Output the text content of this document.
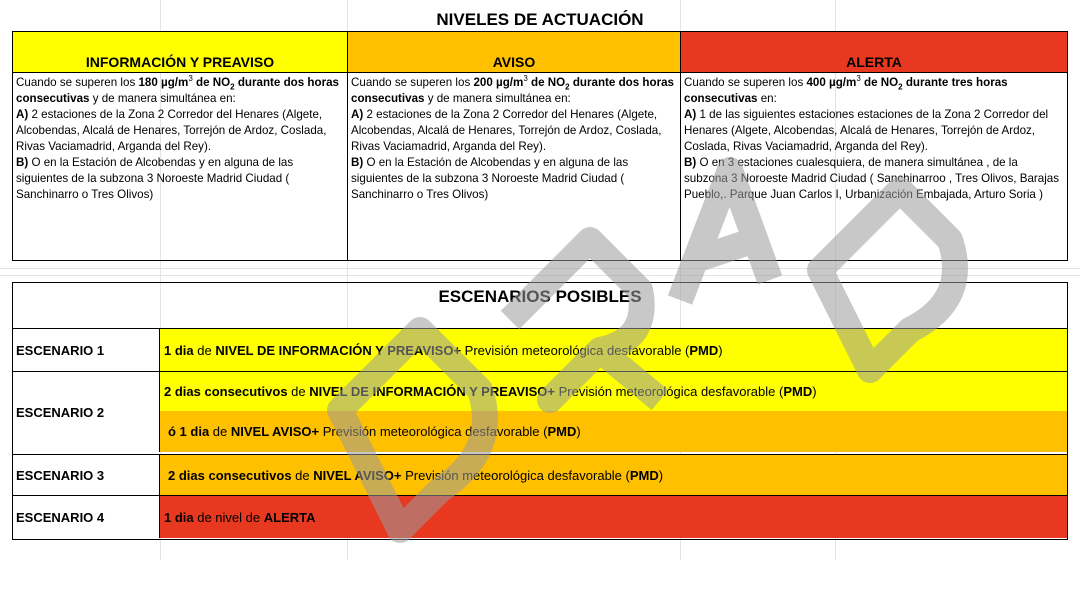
NIVELES DE ACTUACIÓN
INFORMACIÓN Y PREAVISO
Cuando se superen los 180 $\mu g/m^3$ de $NO_2$ durante dos horas consecutivas y de manera simultánea en:
A) 2 estaciones de la Zona 2 Corredor del Henares (Algete, Alcobendas, Alcalá de Henares, Torrejón de Ardoz, Coslada, Rivas Vaciamadrid, Arganda del Rey).
B) O en la Estación de Alcobendas y en alguna de las siguientes de la subzona 3 Noroeste Madrid Ciudad ( Sanchinarro o Tres Olivos)
AVISO
Cuando se superen los 200 $\mu g/m^3$ de $NO_2$ durante dos horas consecutivas y de manera simultánea en:
A) 2 estaciones de la Zona 2 Corredor del Henares (Algete, Alcobendas, Alcalá de Henares, Torrejón de Ardoz, Coslada, Rivas Vaciamadrid, Arganda del Rey).
B) O en la Estación de Alcobendas y en alguna de las siguientes de la subzona 3 Noroeste Madrid Ciudad ( Sanchinarro o Tres Olivos)
ALERTA
Cuando se superen los 400 $\mu g/m^3$ de $NO_2$ durante tres horas consecutivas en:
A) 1 de las siguientes estaciones estaciones de la Zona 2 Corredor del Henares (Algete, Alcobendas, Alcalá de Henares, Torrejón de Ardoz, Coslada, Rivas Vaciamadrid, Arganda del Rey).
B) O en 3 estaciones cualesquiera, de manera simultánea , de la subzona 3 Noroeste Madrid Ciudad ( Sanchinarroo , Tres Olivos, Barajas Pueblo,. Parque Juan Carlos I, Urbanización Embajada, Arturo Soria )
ESCENARIOS POSIBLES
ESCENARIO 1	1 dia de NIVEL DE INFORMACIÓN Y PREAVISO+ Previsión meteorológica desfavorable ( PMD )
ESCENARIO 2
2 dias consecutivos de NIVEL DE INFORMACIÓN Y PREAVISO+ Previsión meteorológica desfavorable ( PMD )
ó 1 dia de NIVEL AVISO+ Previsión meteorológica desfavorable ( PMD )
ESCENARIO 3	2 dias consecutivos de NIVEL AVISO+ Previsión meteorológica desfavorable ( PMD )
ESCENARIO 4	1 dia de nivel de ALERTA
